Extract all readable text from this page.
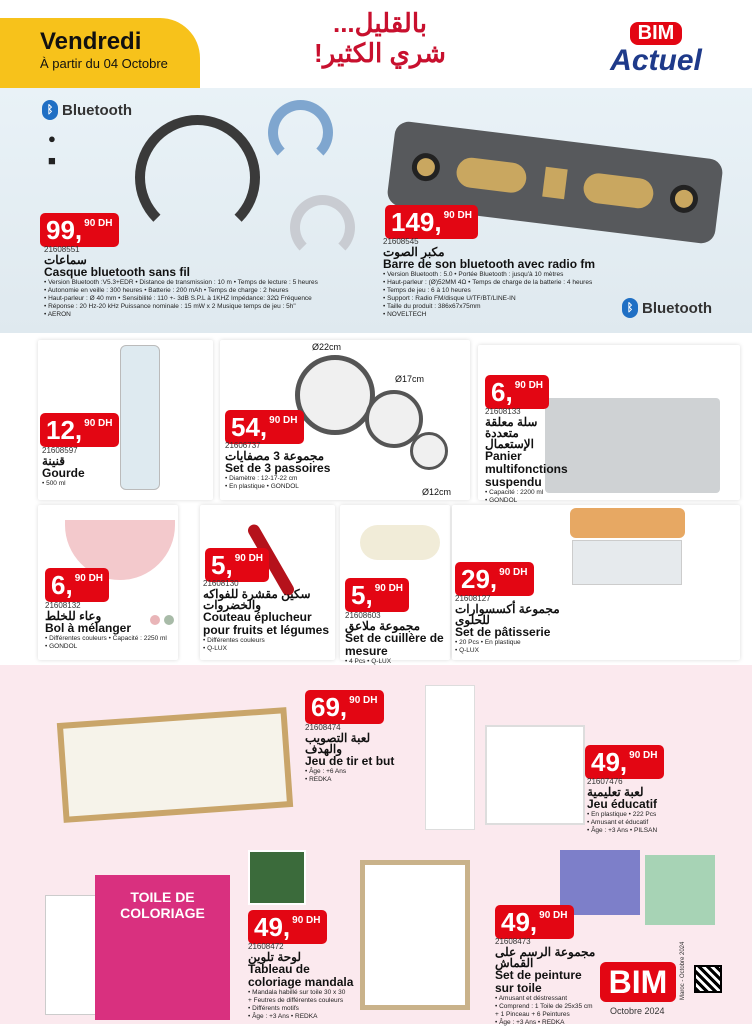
Vendredi
À partir du 04 Octobre
بالقليل...
شري الكثير!
BIM
Actuel
ᛒ Bluetooth
ᛒ Bluetooth
●
■
Ø22cm
Ø17cm
Ø12cm
TOILE DE COLORIAGE
BIM
Octobre 2024
Maroc - Octobre 2024
99, 90 DH
21608551
سماعات
Casque bluetooth sans fil
• Version Bluetooth :V5.3+EDR • Distance de transmission : 10 m • Temps de lecture : 5 heures
• Autonomie en veille : 300 heures • Batterie : 200 mAh • Temps de charge : 2 heures
• Haut-parleur : Ø 40 mm • Sensibilité : 110 +- 3dB S.P.L à 1KHZ Impédance: 32Ω Fréquence
• Réponse : 20 Hz-20 kHz Puissance nominale : 15 mW x 2 Musique temps de jeu : 5h"
• AERON
149, 90 DH
21608545
مكبر الصوت
Barre de son bluetooth avec radio fm
• Version Bluetooth : 5.0 • Portée Bluetooth : jusqu'à 10 mètres
• Haut-parleur : (Ø)52MM 4Ω • Temps de charge de la batterie : 4 heures
• Temps de jeu : 6 à 10 heures
• Support : Radio FM/disque U/TF/BT/LINE-IN
• Taille du produit : 386x67x75mm
• NOVELTECH
12, 90 DH
21608597
قنينة
Gourde
• 500 ml
54, 90 DH
21606737
مجموعة 3 مصفايات
Set de 3 passoires
• Diamètre : 12-17-22 cm
• En plastique • GONDOL
6, 90 DH
21608133
سلة معلقة متعددة الإستعمال
Panier multifonctions suspendu
• Capacité : 2200 ml
• GONDOL
6, 90 DH
21608132
وعاء للخلط
Bol à mélanger
• Différentes couleurs • Capacité : 2250 ml
• GONDOL
5, 90 DH
21608130
سكين مقشرة للفواكه والخضروات
Couteau éplucheur pour fruits et légumes
• Différentes couleurs
• Q-LUX
5, 90 DH
21608603
مجموعة ملاعق
Set de cuillère de mesure
• 4 Pcs • Q-LUX
29, 90 DH
21608127
مجموعة أكسسوارات للحلوى
Set de pâtisserie
• 20 Pcs • En plastique
• Q-LUX
69, 90 DH
21608474
لعبة التصويب والهدف
Jeu de tir et but
• Âge : +6 Ans
• REDKA
49, 90 DH
21607476
لعبة تعليمية
Jeu éducatif
• En plastique • 222 Pcs
• Amusant et éducatif
• Âge : +3 Ans • PILSAN
49, 90 DH
21608472
لوحة تلوين
Tableau de coloriage mandala
• Mandala habillé sur toile 30 x 30
+ Feutres de différentes couleurs
• Différents motifs
• Âge : +3 Ans • REDKA
49, 90 DH
21608473
مجموعة الرسم على القماش
Set de peinture sur toile
• Amusant et déstressant
• Comprend : 1 Toile de 25x35 cm
+ 1 Pinceau + 6 Peintures
• Âge : +3 Ans • REDKA
